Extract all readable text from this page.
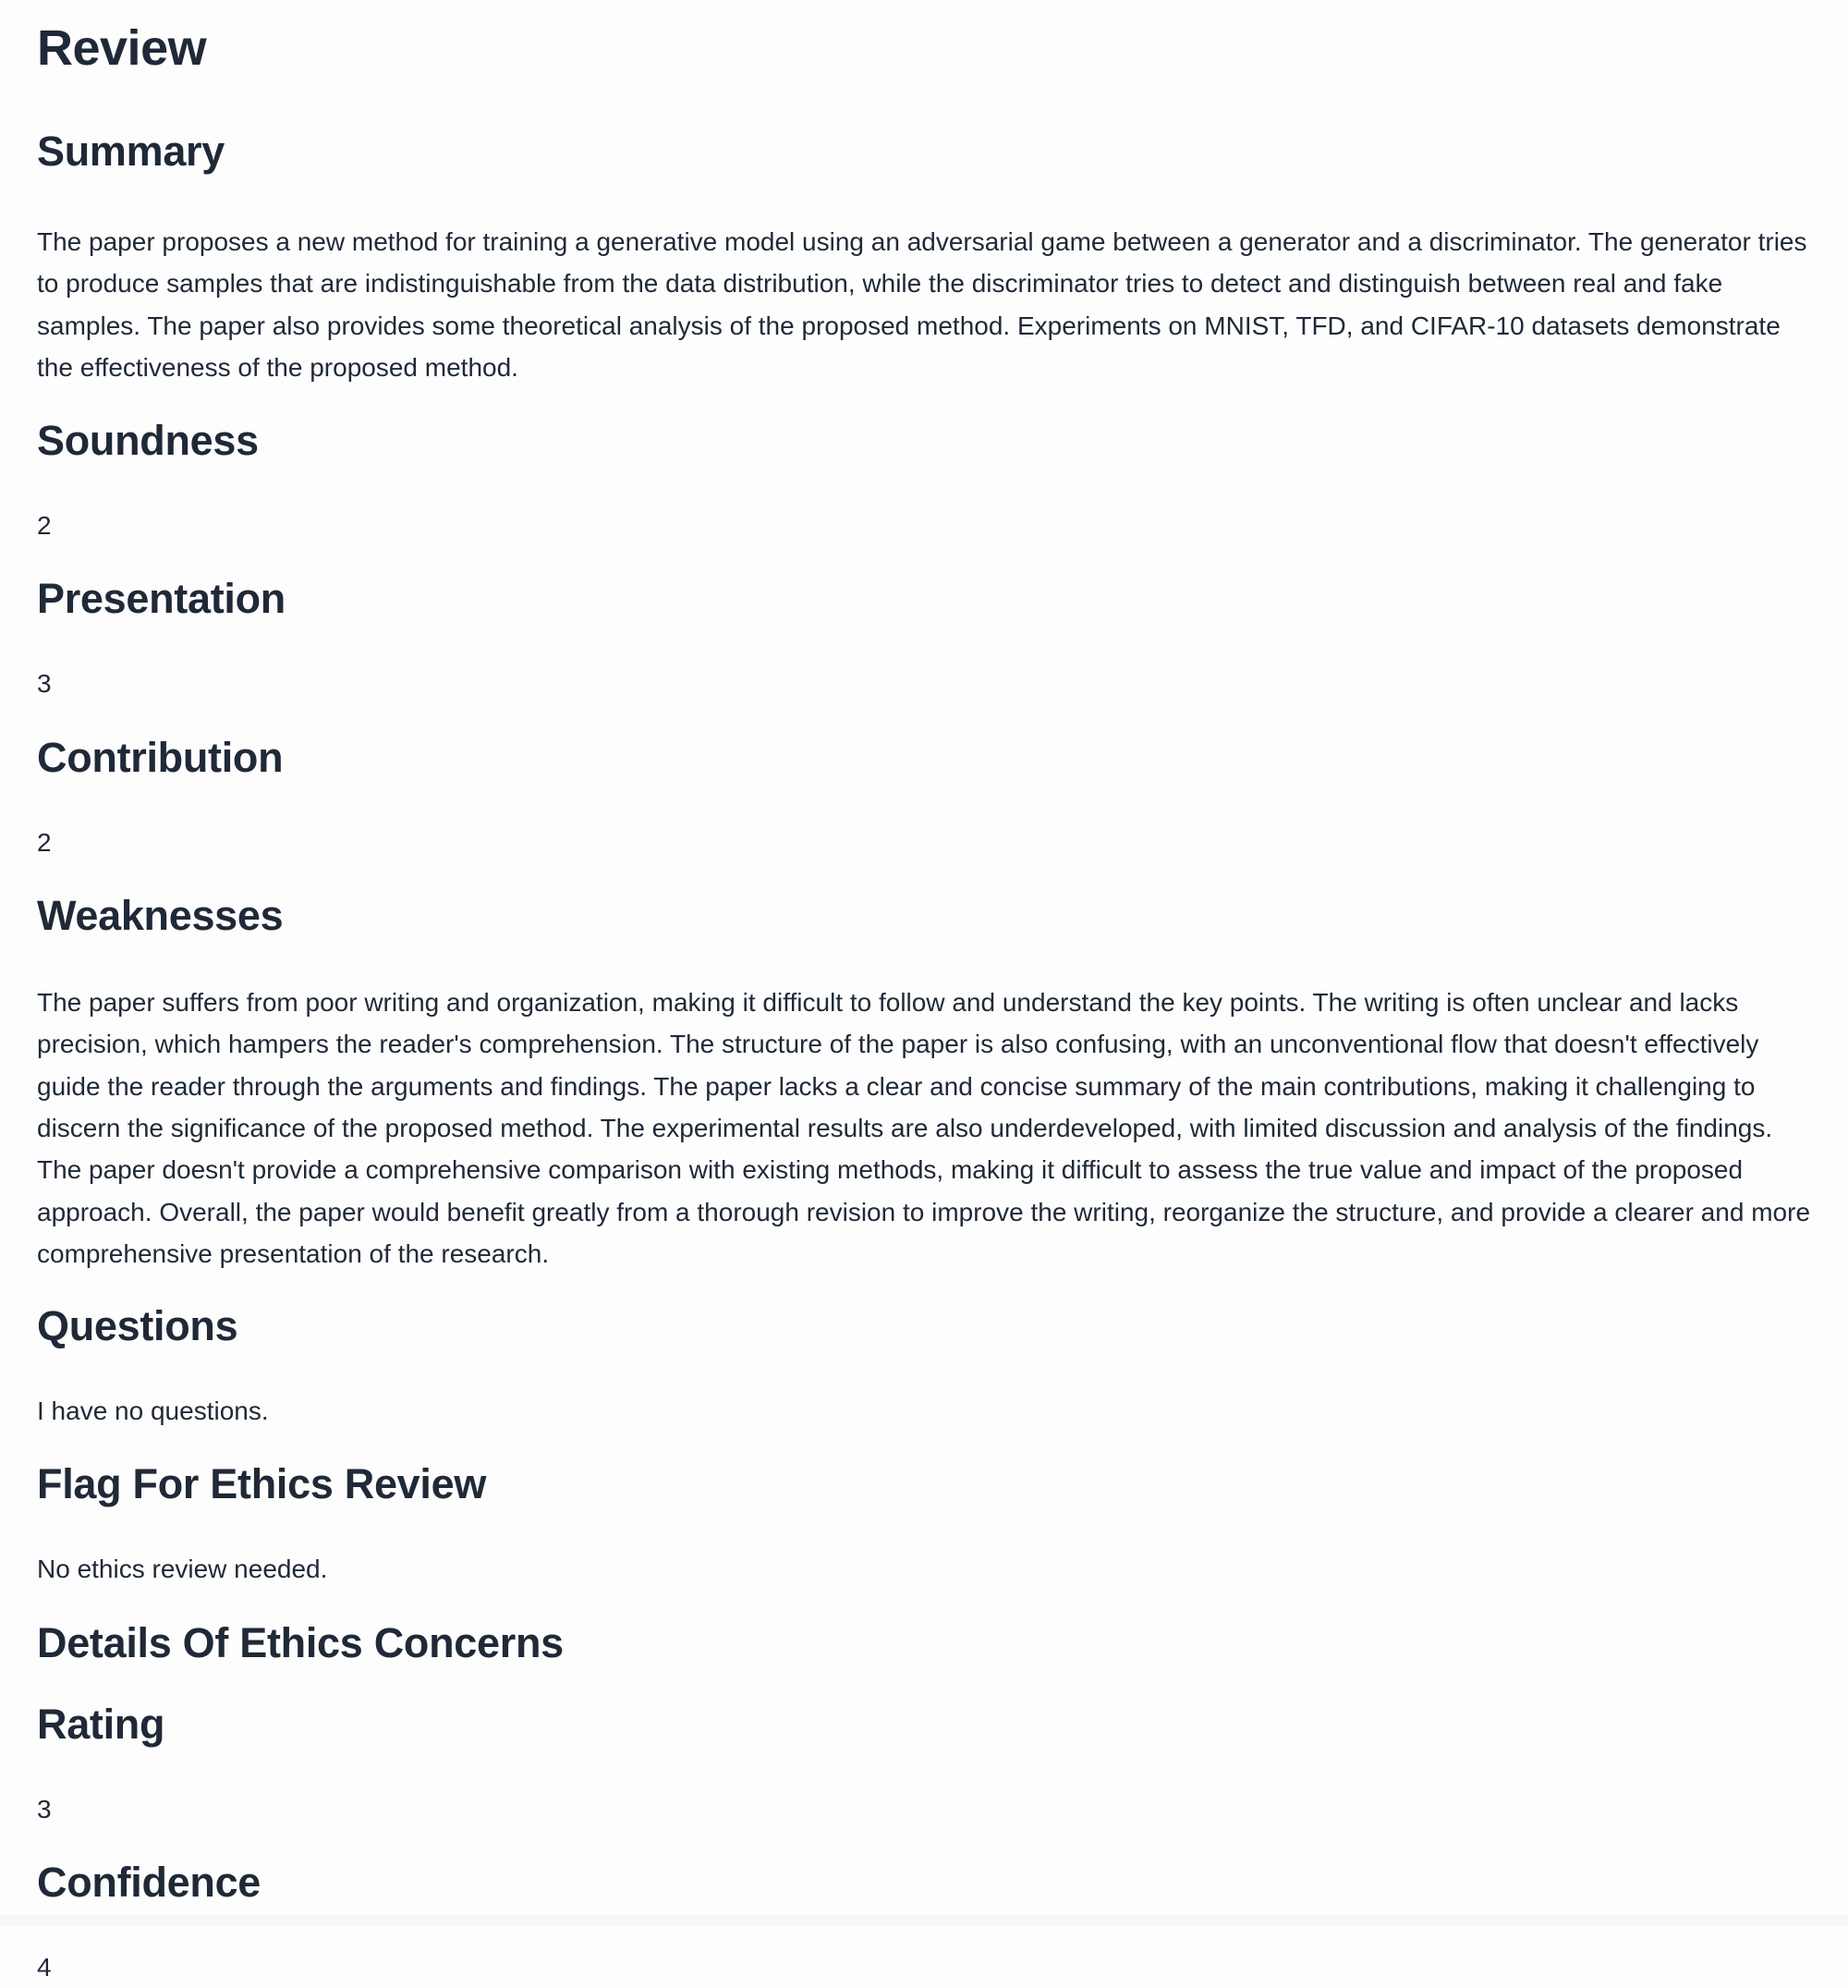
Review
Summary

The paper proposes a new method for training a generative model using an adversarial game between a generator and a discriminator. The generator tries to produce samples that are indistinguishable from the data distribution, while the discriminator tries to detect and distinguish between real and fake samples. The paper also provides some theoretical analysis of the proposed method. Experiments on MNIST, TFD, and CIFAR-10 datasets demonstrate the effectiveness of the proposed method.

Soundness

2

Presentation

3

Contribution

2

Weaknesses

The paper suffers from poor writing and organization, making it difficult to follow and understand the key points. The writing is often unclear and lacks precision, which hampers the reader's comprehension. The structure of the paper is also confusing, with an unconventional flow that doesn't effectively guide the reader through the arguments and findings. The paper lacks a clear and concise summary of the main contributions, making it challenging to discern the significance of the proposed method. The experimental results are also underdeveloped, with limited discussion and analysis of the findings. The paper doesn't provide a comprehensive comparison with existing methods, making it difficult to assess the true value and impact of the proposed approach. Overall, the paper would benefit greatly from a thorough revision to improve the writing, reorganize the structure, and provide a clearer and more comprehensive presentation of the research.

Questions

I have no questions.

Flag For Ethics Review

No ethics review needed.

Details Of Ethics Concerns
Rating

3

Confidence

4
